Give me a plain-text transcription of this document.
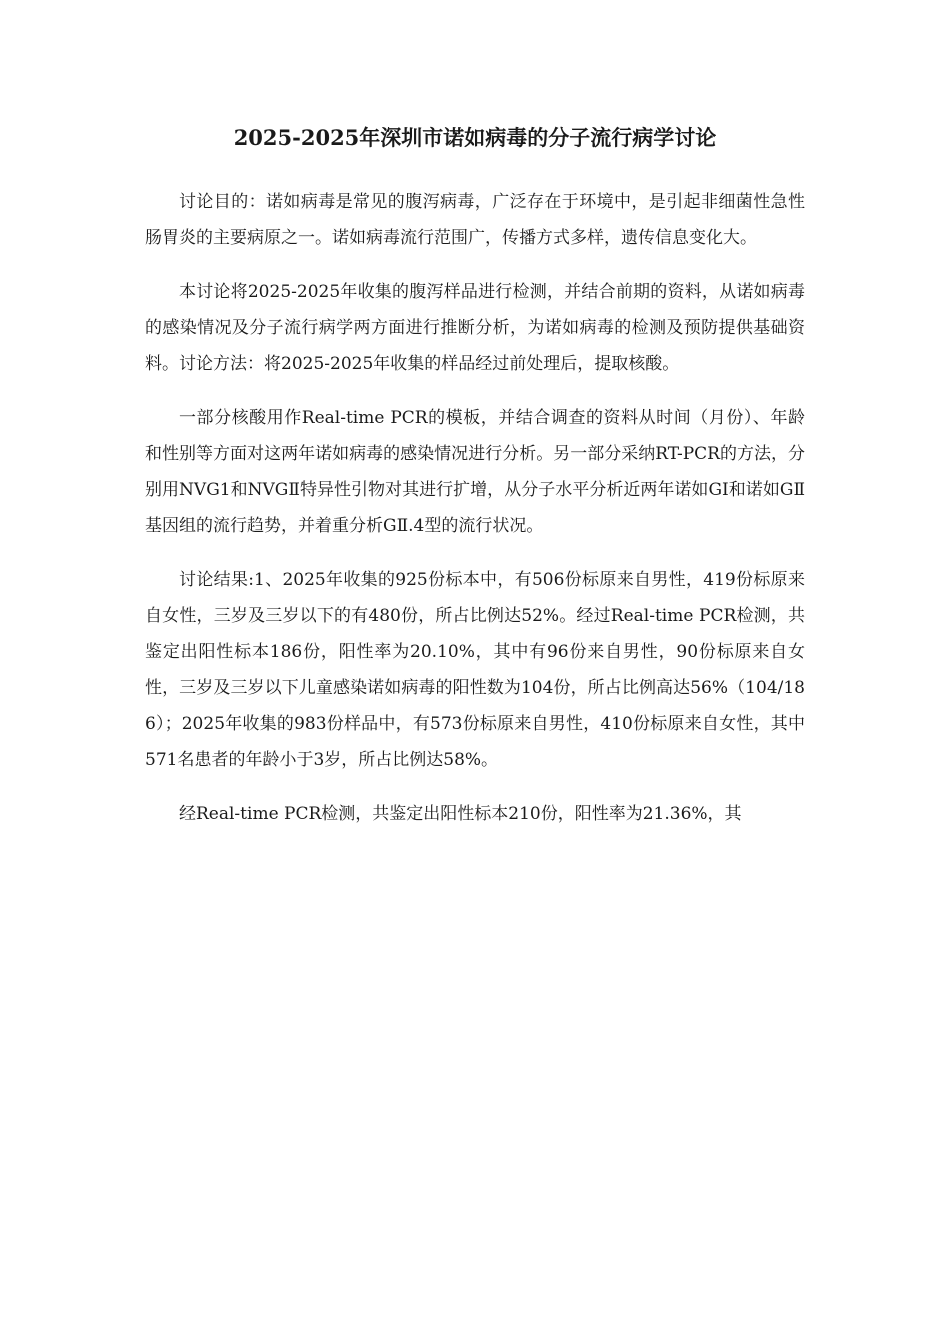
2025-2025年深圳市诺如病毒的分子流行病学讨论

讨论目的：诺如病毒是常见的腹泻病毒，广泛存在于环境中，是引起非细菌性急性肠胃炎的主要病原之一。诺如病毒流行范围广，传播方式多样，遗传信息变化大。

本讨论将2025-2025年收集的腹泻样品进行检测，并结合前期的资料，从诺如病毒的感染情况及分子流行病学两方面进行推断分析，为诺如病毒的检测及预防提供基础资料。讨论方法：将2025-2025年收集的样品经过前处理后，提取核酸。

一部分核酸用作Real-time PCR的模板，并结合调查的资料从时间（月份）、年龄和性别等方面对这两年诺如病毒的感染情况进行分析。另一部分采纳RT-PCR的方法，分别用NVG1和NVGⅡ特异性引物对其进行扩增，从分子水平分析近两年诺如GⅠ和诺如GⅡ基因组的流行趋势，并着重分析GⅡ.4型的流行状况。

讨论结果:1、2025年收集的925份标本中，有506份标原来自男性，419份标原来自女性，三岁及三岁以下的有480份，所占比例达52%。经过Real-time PCR检测，共鉴定出阳性标本186份，阳性率为20.10%，其中有96份来自男性，90份标原来自女性，三岁及三岁以下儿童感染诺如病毒的阳性数为104份，所占比例高达56%（104/186）；2025年收集的983份样品中，有573份标原来自男性，410份标原来自女性，其中571名患者的年龄小于3岁，所占比例达58%。

经Real-time PCR检测，共鉴定出阳性标本210份，阳性率为21.36%，其
